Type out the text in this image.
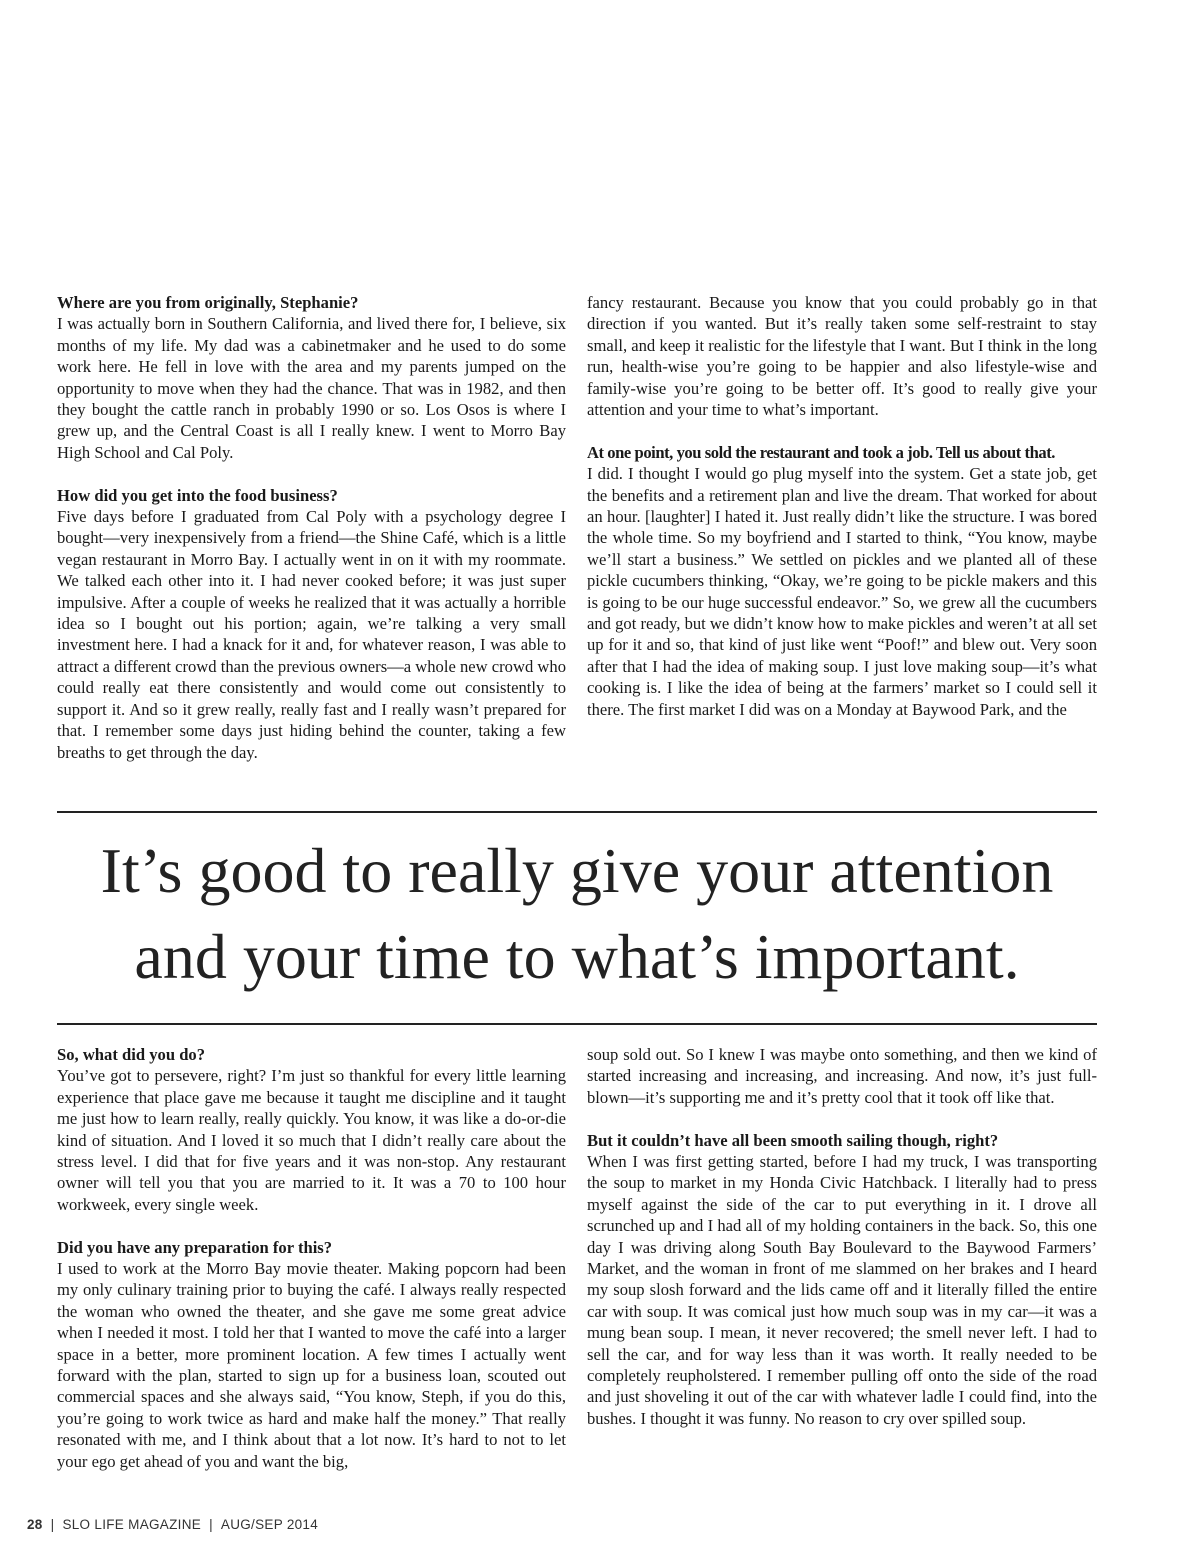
Where are you from originally, Stephanie?
I was actually born in Southern California, and lived there for, I believe, six months of my life. My dad was a cabinetmaker and he used to do some work here. He fell in love with the area and my parents jumped on the opportunity to move when they had the chance. That was in 1982, and then they bought the cattle ranch in probably 1990 or so. Los Osos is where I grew up, and the Central Coast is all I really knew. I went to Morro Bay High School and Cal Poly.
How did you get into the food business?
Five days before I graduated from Cal Poly with a psychology degree I bought—very inexpensively from a friend—the Shine Café, which is a little vegan restaurant in Morro Bay. I actually went in on it with my roommate. We talked each other into it. I had never cooked before; it was just super impulsive. After a couple of weeks he realized that it was actually a horrible idea so I bought out his portion; again, we’re talking a very small investment here. I had a knack for it and, for whatever reason, I was able to attract a different crowd than the previous owners—a whole new crowd who could really eat there consistently and would come out consistently to support it. And so it grew really, really fast and I really wasn’t prepared for that. I remember some days just hiding behind the counter, taking a few breaths to get through the day.
fancy restaurant. Because you know that you could probably go in that direction if you wanted. But it’s really taken some self-restraint to stay small, and keep it realistic for the lifestyle that I want. But I think in the long run, health-wise you’re going to be happier and also lifestyle-wise and family-wise you’re going to be better off. It’s good to really give your attention and your time to what’s important.
At one point, you sold the restaurant and took a job. Tell us about that.
I did. I thought I would go plug myself into the system. Get a state job, get the benefits and a retirement plan and live the dream. That worked for about an hour. [laughter] I hated it. Just really didn’t like the structure. I was bored the whole time. So my boyfriend and I started to think, “You know, maybe we’ll start a business.” We settled on pickles and we planted all of these pickle cucumbers thinking, “Okay, we’re going to be pickle makers and this is going to be our huge successful endeavor.” So, we grew all the cucumbers and got ready, but we didn’t know how to make pickles and weren’t at all set up for it and so, that kind of just like went “Poof!” and blew out. Very soon after that I had the idea of making soup. I just love making soup—it’s what cooking is. I like the idea of being at the farmers’ market so I could sell it there. The first market I did was on a Monday at Baywood Park, and the
It’s good to really give your attention
and your time to what’s important.
So, what did you do?
You’ve got to persevere, right? I’m just so thankful for every little learning experience that place gave me because it taught me discipline and it taught me just how to learn really, really quickly. You know, it was like a do-or-die kind of situation. And I loved it so much that I didn’t really care about the stress level. I did that for five years and it was non-stop. Any restaurant owner will tell you that you are married to it. It was a 70 to 100 hour workweek, every single week.
Did you have any preparation for this?
I used to work at the Morro Bay movie theater. Making popcorn had been my only culinary training prior to buying the café. I always really respected the woman who owned the theater, and she gave me some great advice when I needed it most. I told her that I wanted to move the café into a larger space in a better, more prominent location. A few times I actually went forward with the plan, started to sign up for a business loan, scouted out commercial spaces and she always said, “You know, Steph, if you do this, you’re going to work twice as hard and make half the money.” That really resonated with me, and I think about that a lot now. It’s hard to not to let your ego get ahead of you and want the big,
soup sold out. So I knew I was maybe onto something, and then we kind of started increasing and increasing, and increasing. And now, it’s just full-blown—it’s supporting me and it’s pretty cool that it took off like that.
But it couldn’t have all been smooth sailing though, right?
When I was first getting started, before I had my truck, I was transporting the soup to market in my Honda Civic Hatchback. I literally had to press myself against the side of the car to put everything in it. I drove all scrunched up and I had all of my holding containers in the back. So, this one day I was driving along South Bay Boulevard to the Baywood Farmers’ Market, and the woman in front of me slammed on her brakes and I heard my soup slosh forward and the lids came off and it literally filled the entire car with soup. It was comical just how much soup was in my car—it was a mung bean soup. I mean, it never recovered; the smell never left. I had to sell the car, and for way less than it was worth. It really needed to be completely reupholstered. I remember pulling off onto the side of the road and just shoveling it out of the car with whatever ladle I could find, into the bushes. I thought it was funny. No reason to cry over spilled soup.
28 | SLO LIFE MAGAZINE | AUG/SEP 2014
